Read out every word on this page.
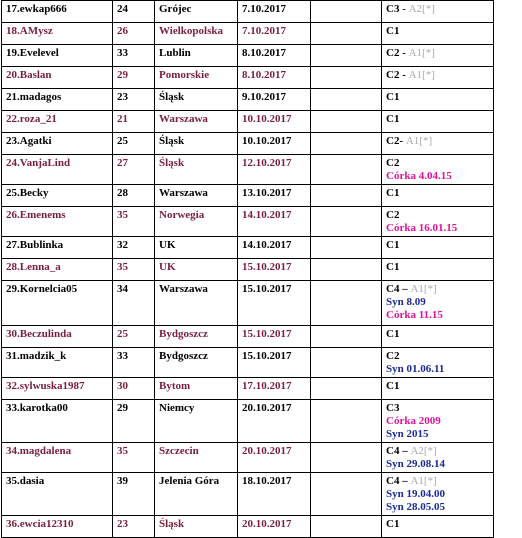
17.ewkap666	24	Grójec	7.10.2017		C3 - A2[*]
18.AMysz	26	Wielkopolska	7.10.2017		C1
19.Evelevel	33	Lublin	8.10.2017		C2 - A1[*]
20.Baslan	29	Pomorskie	8.10.2017		C2 - A1[*]
21.madagos	23	Śląsk	9.10.2017		C1
22.roza_21	21	Warszawa	10.10.2017		C1
23.Agatki	25	Śląsk	10.10.2017		C2- A1[*]
24.VanjaLind	27	Śląsk	12.10.2017		C2
Córka 4.04.15

25.Becky	28	Warszawa	13.10.2017		C1
26.Emenems	35	Norwegia	14.10.2017		C2
Córka 16.01.15

27.Bublinka	32	UK	14.10.2017		C1
28.Lenna_a	35	UK	15.10.2017		C1
29.Kornelcia05	34	Warszawa	15.10.2017		C4 – A1[*]
Syn 8.09
Córka 11.15

30.Beczulinda	25	Bydgoszcz	15.10.2017		C1
31.madzik_k	33	Bydgoszcz	15.10.2017		C2
Syn 01.06.11

32.sylwuska1987	30	Bytom	17.10.2017		C1
33.karotka00	29	Niemcy	20.10.2017		C3
Córka 2009
Syn 2015

34.magdalena	35	Szczecin	20.10.2017		C4 – A2[*]
Syn 29.08.14

35.dasia	39	Jelenia Góra	18.10.2017		C4 – A1[*]
Syn 19.04.00
Syn 28.05.05

36.ewcia12310	23	Śląsk	20.10.2017		C1
